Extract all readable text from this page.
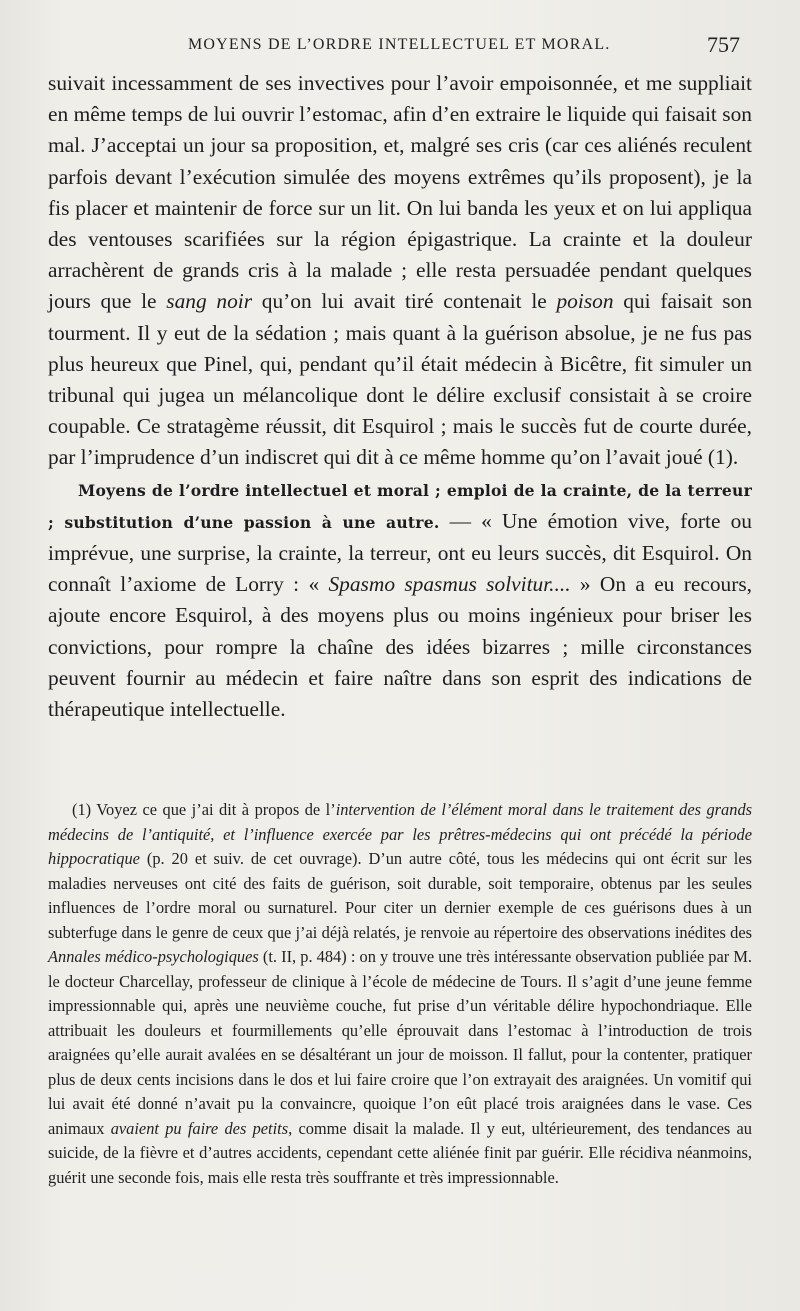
MOYENS DE L’ORDRE INTELLECTUEL ET MORAL.	757

suivait incessamment de ses invectives pour l’avoir empoisonnée, et me suppliait en même temps de lui ouvrir l’estomac, afin d’en extraire le liquide qui faisait son mal. J’acceptai un jour sa proposition, et, malgré ses cris (car ces aliénés reculent parfois devant l’exécution simulée des moyens extrêmes qu’ils proposent), je la fis placer et maintenir de force sur un lit. On lui banda les yeux et on lui appliqua des ventouses scarifiées sur la région épigastrique. La crainte et la douleur arrachèrent de grands cris à la malade ; elle resta persuadée pendant quelques jours que le sang noir qu’on lui avait tiré contenait le poison qui faisait son tourment. Il y eut de la sédation ; mais quant à la guérison absolue, je ne fus pas plus heureux que Pinel, qui, pendant qu’il était médecin à Bicêtre, fit simuler un tribunal qui jugea un mélancolique dont le délire exclusif consistait à se croire coupable. Ce stratagème réussit, dit Esquirol ; mais le succès fut de courte durée, par l’imprudence d’un indiscret qui dit à ce même homme qu’on l’avait joué (1).

Moyens de l’ordre intellectuel et moral ; emploi de la crainte, de la terreur ; substitution d’une passion à une autre. — « Une émotion vive, forte ou imprévue, une surprise, la crainte, la terreur, ont eu leurs succès, dit Esquirol. On connaît l’axiome de Lorry : « Spasmo spasmus solvitur.... » On a eu recours, ajoute encore Esquirol, à des moyens plus ou moins ingénieux pour briser les convictions, pour rompre la chaîne des idées bizarres ; mille circonstances peuvent fournir au médecin et faire naître dans son esprit des indications de thérapeutique intellectuelle.

(1) Voyez ce que j’ai dit à propos de l’intervention de l’élément moral dans le traitement des grands médecins de l’antiquité, et l’influence exercée par les prêtres-médecins qui ont précédé la période hippocratique (p. 20 et suiv. de cet ouvrage). D’un autre côté, tous les médecins qui ont écrit sur les maladies nerveuses ont cité des faits de guérison, soit durable, soit temporaire, obtenus par les seules influences de l’ordre moral ou surnaturel. Pour citer un dernier exemple de ces guérisons dues à un subterfuge dans le genre de ceux que j’ai déjà relatés, je renvoie au répertoire des observations inédites des Annales médico-psychologiques (t. II, p. 484) : on y trouve une très intéressante observation publiée par M. le docteur Charcellay, professeur de clinique à l’école de médecine de Tours. Il s’agit d’une jeune femme impressionnable qui, après une neuvième couche, fut prise d’un véritable délire hypochondriaque. Elle attribuait les douleurs et fourmillements qu’elle éprouvait dans l’estomac à l’introduction de trois araignées qu’elle aurait avalées en se désaltérant un jour de moisson. Il fallut, pour la contenter, pratiquer plus de deux cents incisions dans le dos et lui faire croire que l’on extrayait des araignées. Un vomitif qui lui avait été donné n’avait pu la convaincre, quoique l’on eût placé trois araignées dans le vase. Ces animaux avaient pu faire des petits, comme disait la malade. Il y eut, ultérieurement, des tendances au suicide, de la fièvre et d’autres accidents, cependant cette aliénée finit par guérir. Elle récidiva néanmoins, guérit une seconde fois, mais elle resta très souffrante et très impressionnable.
